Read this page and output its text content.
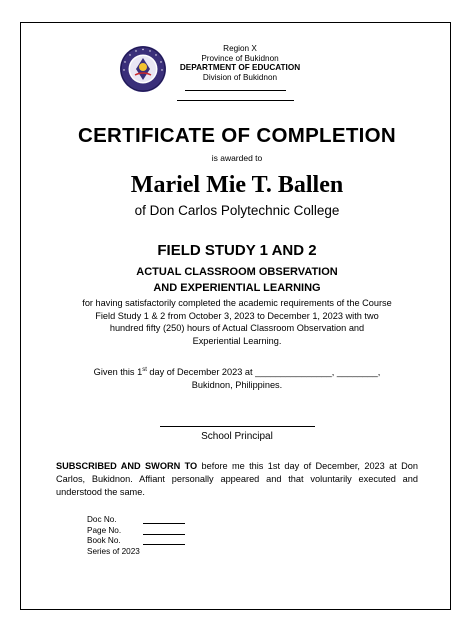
Region X
Province of Bukidnon
DEPARTMENT OF EDUCATION
Division of Bukidnon
CERTIFICATE OF COMPLETION
is awarded to
Mariel Mie T. Ballen
of Don Carlos Polytechnic College
FIELD STUDY 1 AND 2
ACTUAL CLASSROOM OBSERVATION
AND EXPERIENTIAL LEARNING
for having satisfactorily completed the academic requirements of the Course
Field Study 1 & 2 from October 3, 2023 to December 1, 2023 with two
hundred fifty (250) hours of Actual Classroom Observation and
Experiential Learning.
Given this 1st day of December 2023 at _______________, ________,
Bukidnon, Philippines.
School Principal
SUBSCRIBED AND SWORN TO before me this 1st day of December, 2023 at Don Carlos, Bukidnon. Affiant personally appeared and that voluntarily executed and understood the same.
Doc No.
Page No.
Book No.
Series of 2023
